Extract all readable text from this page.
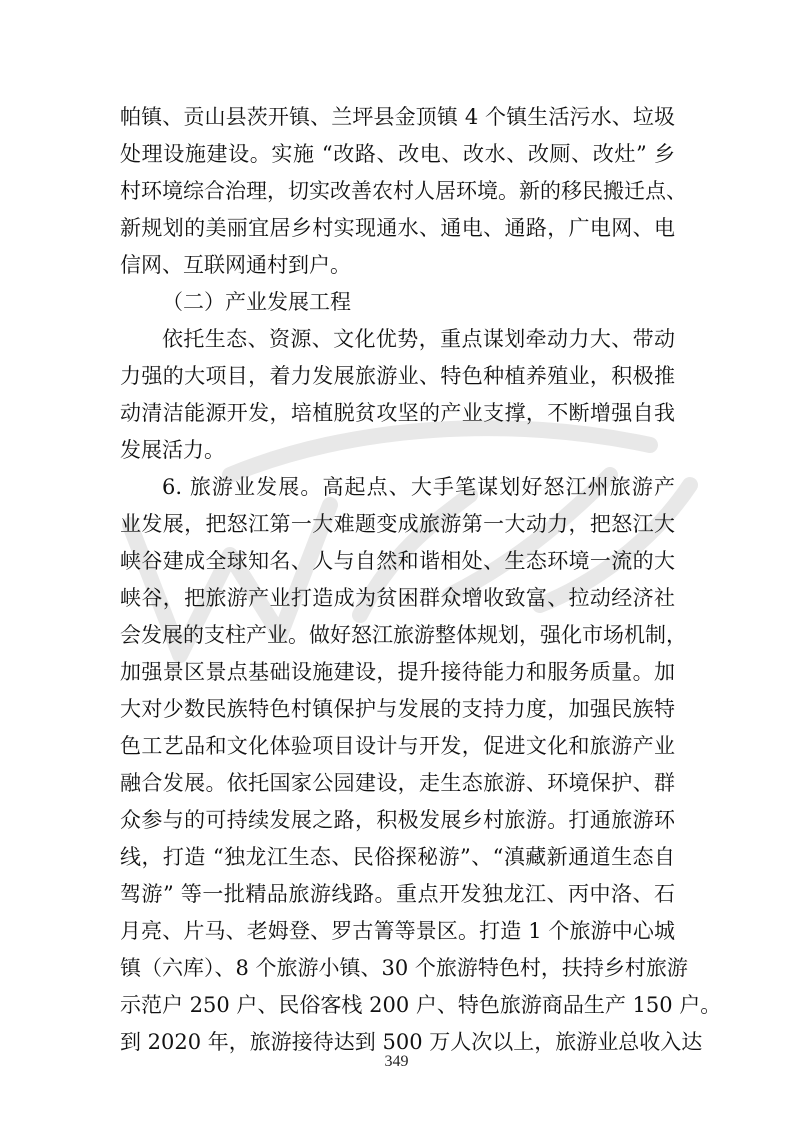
帕镇、贡山县茨开镇、兰坪县金顶镇 4 个镇生活污水、垃圾
处理设施建设。实施 “改路、改电、改水、改厕、改灶” 乡
村环境综合治理，切实改善农村人居环境。新的移民搬迁点、
新规划的美丽宜居乡村实现通水、通电、通路，广电网、电
信网、互联网通村到户。
（二）产业发展工程
依托生态、资源、文化优势，重点谋划牵动力大、带动
力强的大项目，着力发展旅游业、特色种植养殖业，积极推
动清洁能源开发，培植脱贫攻坚的产业支撑，不断增强自我
发展活力。
6. 旅游业发展。高起点、大手笔谋划好怒江州旅游产
业发展，把怒江第一大难题变成旅游第一大动力，把怒江大
峡谷建成全球知名、人与自然和谐相处、生态环境一流的大
峡谷，把旅游产业打造成为贫困群众增收致富、拉动经济社
会发展的支柱产业。做好怒江旅游整体规划，强化市场机制，
加强景区景点基础设施建设，提升接待能力和服务质量。加
大对少数民族特色村镇保护与发展的支持力度，加强民族特
色工艺品和文化体验项目设计与开发，促进文化和旅游产业
融合发展。依托国家公园建设，走生态旅游、环境保护、群
众参与的可持续发展之路，积极发展乡村旅游。打通旅游环
线，打造 “独龙江生态、民俗探秘游”、“滇藏新通道生态自
驾游” 等一批精品旅游线路。重点开发独龙江、丙中洛、石
月亮、片马、老姆登、罗古箐等景区。打造 1 个旅游中心城
镇（六库）、8 个旅游小镇、30 个旅游特色村，扶持乡村旅游
349
示范户 250 户、民俗客栈 200 户、特色旅游商品生产 150 户。
到 2020 年，旅游接待达到 500 万人次以上，旅游业总收入达
